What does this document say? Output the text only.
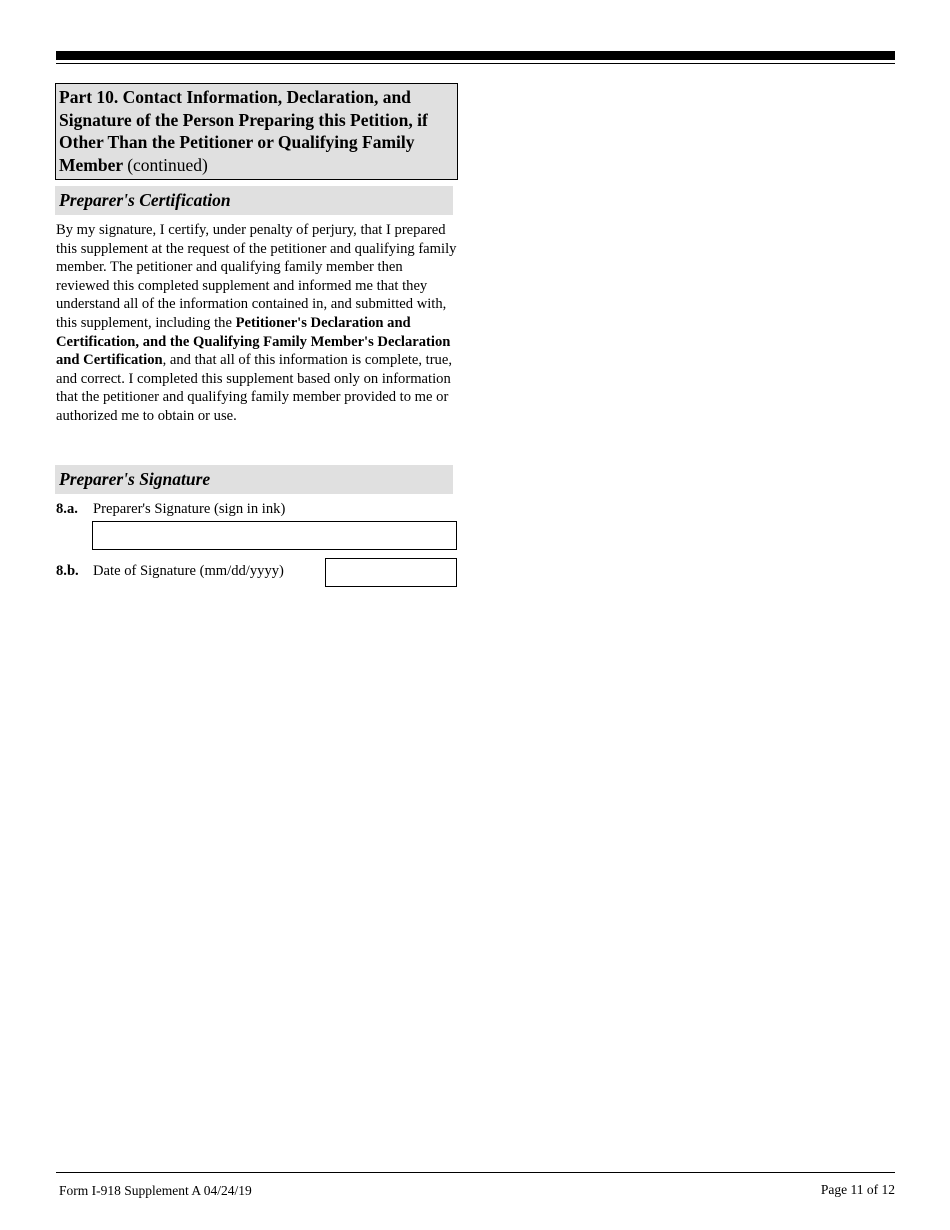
Part 10. Contact Information, Declaration, and Signature of the Person Preparing this Petition, if Other Than the Petitioner or Qualifying Family Member (continued)
Preparer's Certification
By my signature, I certify, under penalty of perjury, that I prepared this supplement at the request of the petitioner and qualifying family member. The petitioner and qualifying family member then reviewed this completed supplement and informed me that they understand all of the information contained in, and submitted with, this supplement, including the Petitioner's Declaration and Certification, and the Qualifying Family Member's Declaration and Certification, and that all of this information is complete, true, and correct. I completed this supplement based only on information that the petitioner and qualifying family member provided to me or authorized me to obtain or use.
Preparer's Signature
8.a. Preparer's Signature (sign in ink)
8.b. Date of Signature (mm/dd/yyyy)
Form I-918 Supplement A 04/24/19	Page 11 of 12
